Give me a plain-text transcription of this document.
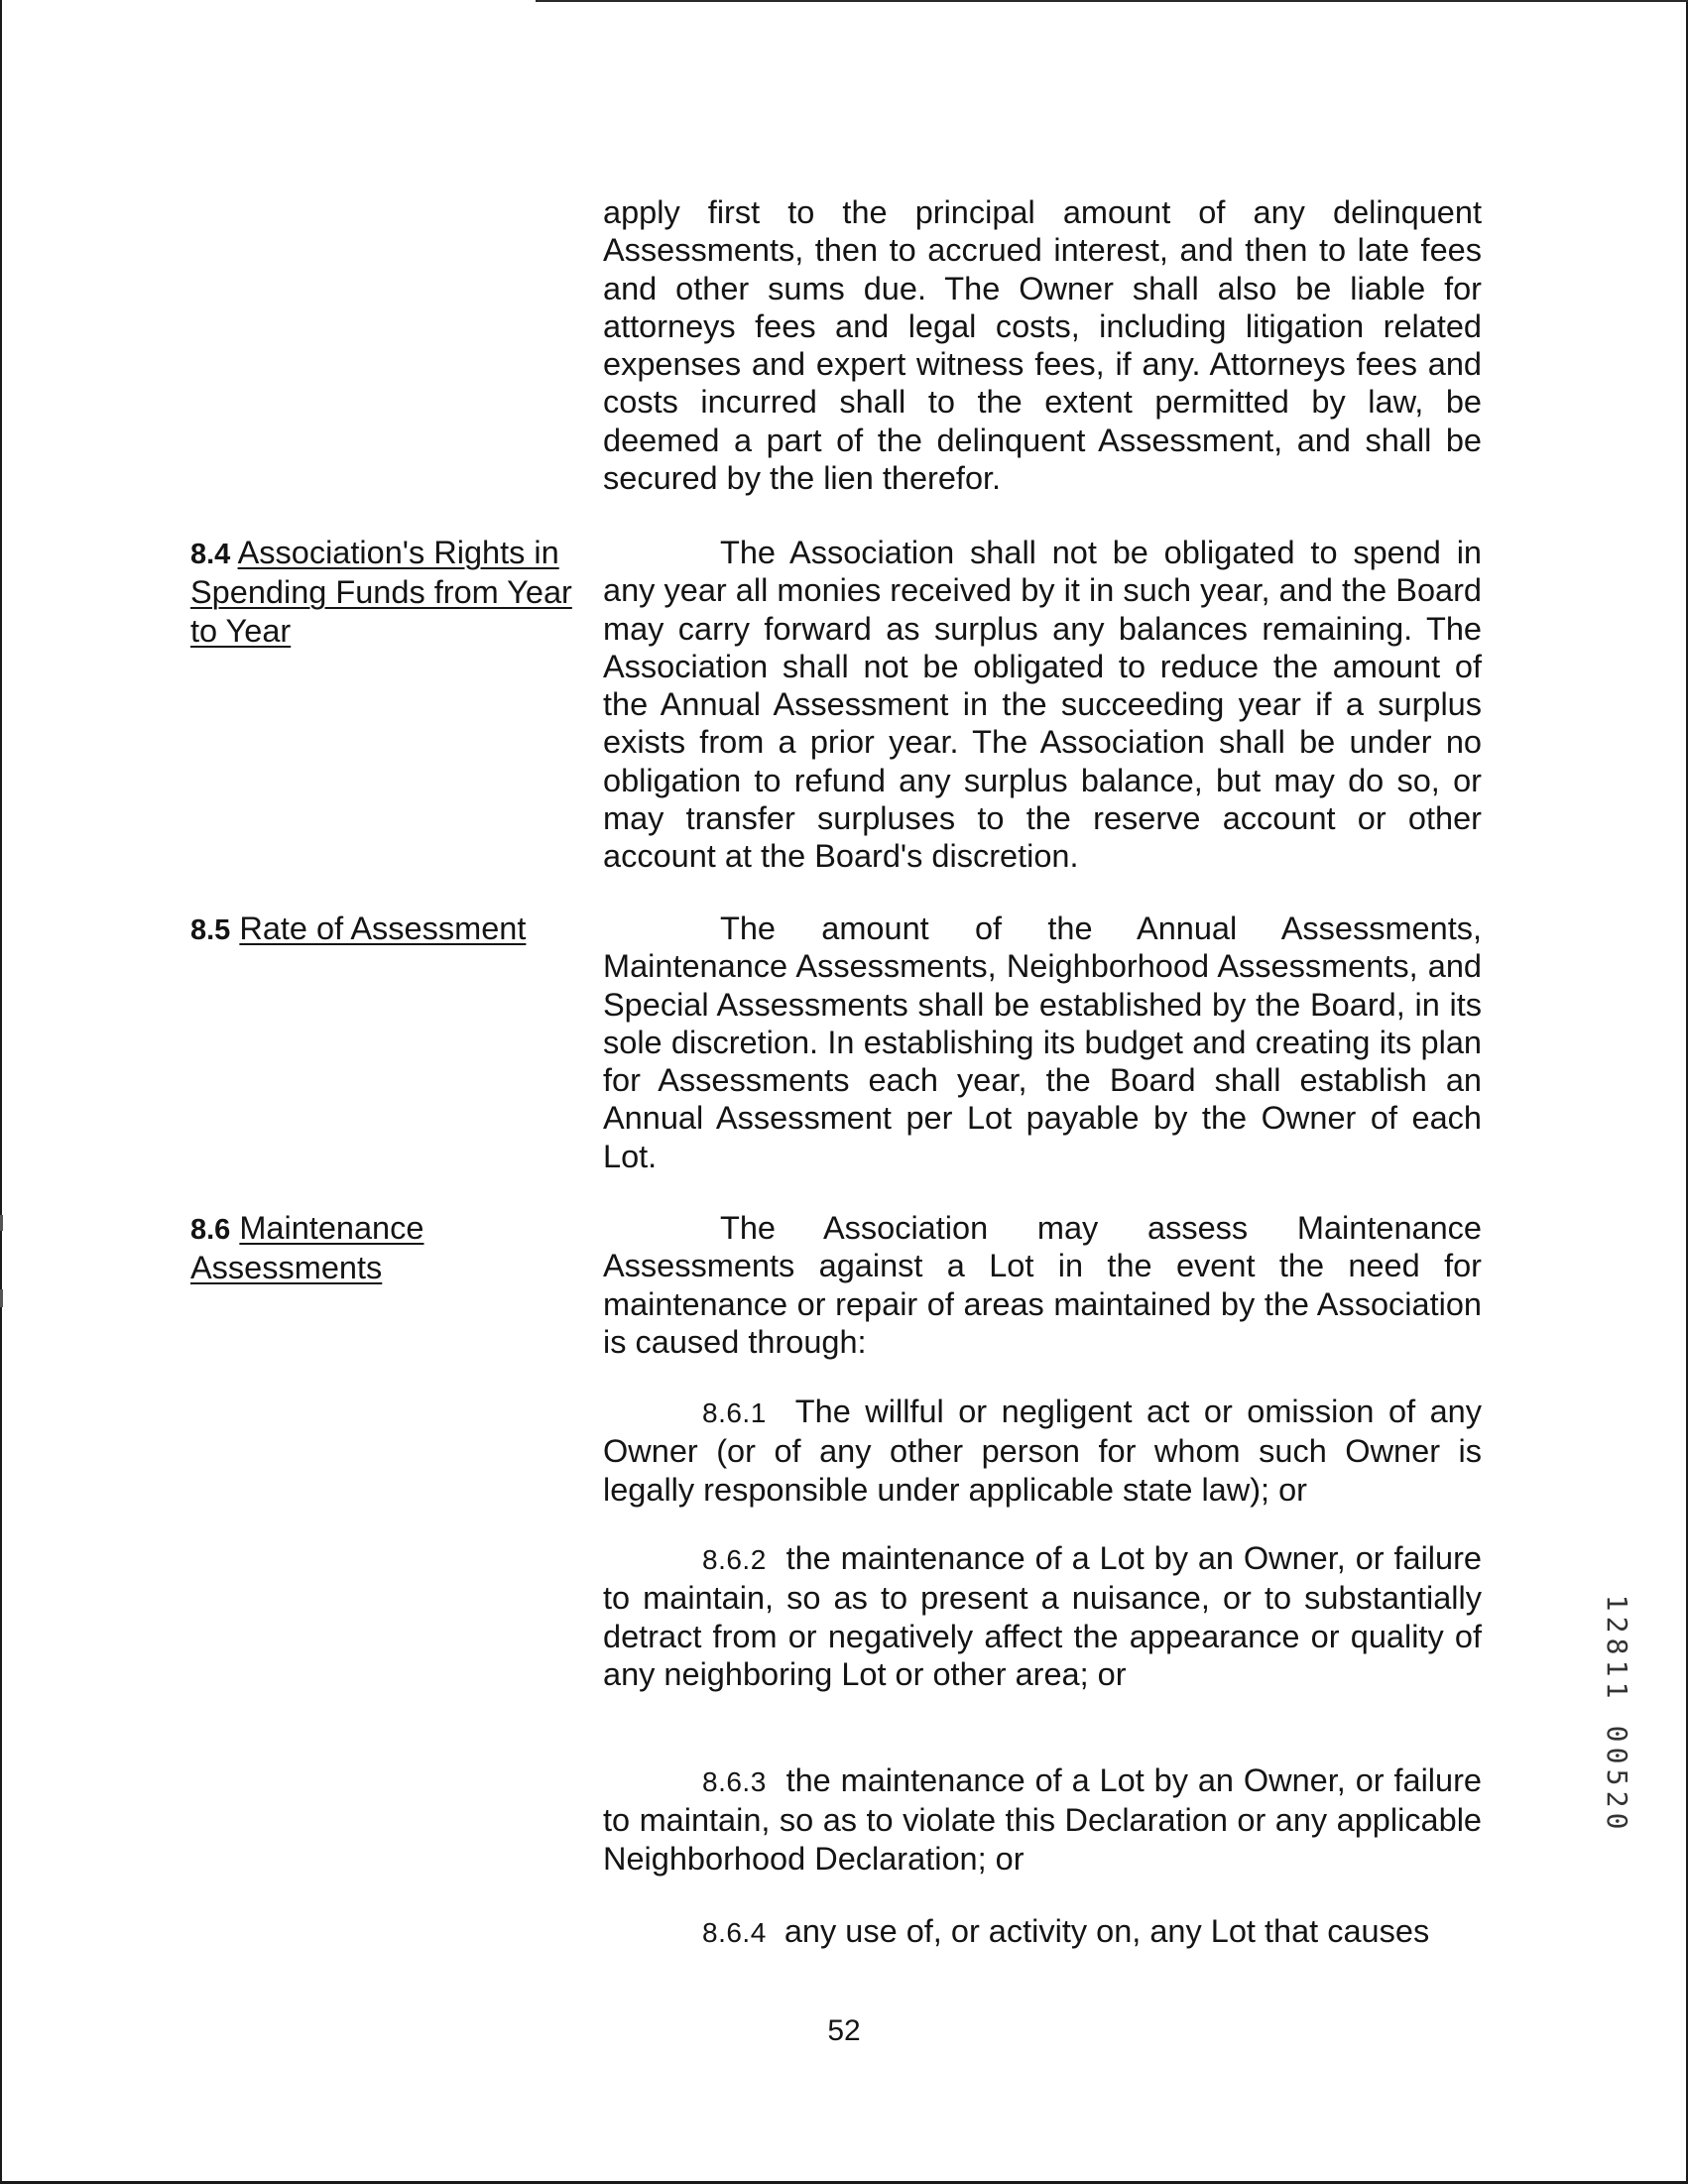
apply first to the principal amount of any delinquent Assessments, then to accrued interest, and then to late fees and other sums due. The Owner shall also be liable for attorneys fees and legal costs, including litigation related expenses and expert witness fees, if any. Attorneys fees and costs incurred shall to the extent permitted by law, be deemed a part of the delinquent Assessment, and shall be secured by the lien therefor.

8.4 Association's Rights in Spending Funds from Year to Year

The Association shall not be obligated to spend in any year all monies received by it in such year, and the Board may carry forward as surplus any balances remaining. The Association shall not be obligated to reduce the amount of the Annual Assessment in the succeeding year if a surplus exists from a prior year. The Association shall be under no obligation to refund any surplus balance, but may do so, or may transfer surpluses to the reserve account or other account at the Board's discretion.

8.5 Rate of Assessment	The amount of the Annual Assessments, Maintenance Assessments, Neighborhood Assessments, and Special Assessments shall be established by the Board, in its sole discretion. In establishing its budget and creating its plan for Assessments each year, the Board shall establish an Annual Assessment per Lot payable by the Owner of each Lot.

8.6 Maintenance Assessments

The Association may assess Maintenance Assessments against a Lot in the event the need for maintenance or repair of areas maintained by the Association is caused through:

8.6.1 The willful or negligent act or omission of any Owner (or of any other person for whom such Owner is legally responsible under applicable state law); or

8.6.2 the maintenance of a Lot by an Owner, or failure to maintain, so as to present a nuisance, or to substantially detract from or negatively affect the appearance or quality of any neighboring Lot or other area; or

8.6.3 the maintenance of a Lot by an Owner, or failure to maintain, so as to violate this Declaration or any applicable Neighborhood Declaration; or

8.6.4 any use of, or activity on, any Lot that causes

52

1
2
8
1
1

0
0
5
2
0
